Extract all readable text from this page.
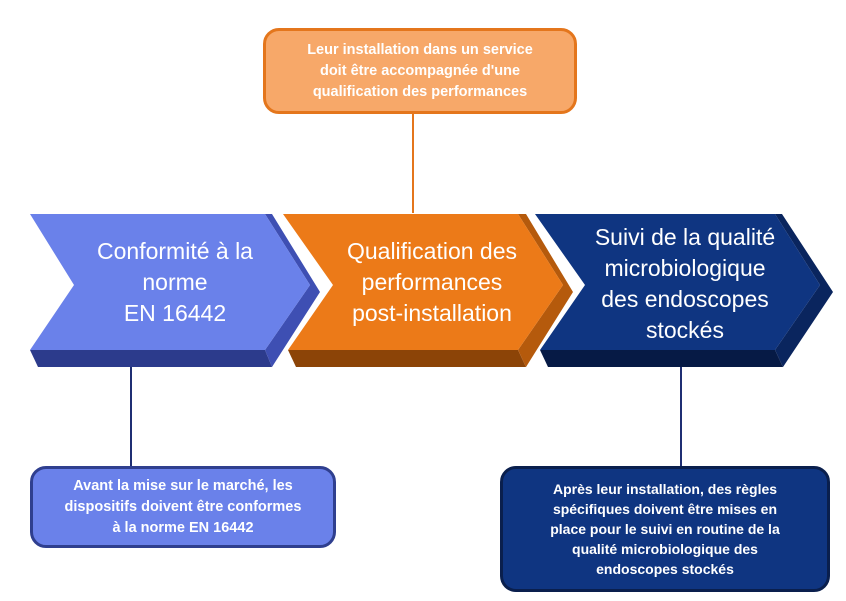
Conformité à la
norme
EN 16442
Qualification des
performances
post-installation
Suivi de la qualité
microbiologique
des endoscopes
stockés
Leur installation dans un service
doit être accompagnée d'une
qualification des performances
Avant la mise sur le marché, les
dispositifs doivent être conformes
à la norme EN 16442
Après leur installation, des règles
spécifiques doivent être mises en
place pour le suivi en routine de la
qualité microbiologique des
endoscopes stockés
